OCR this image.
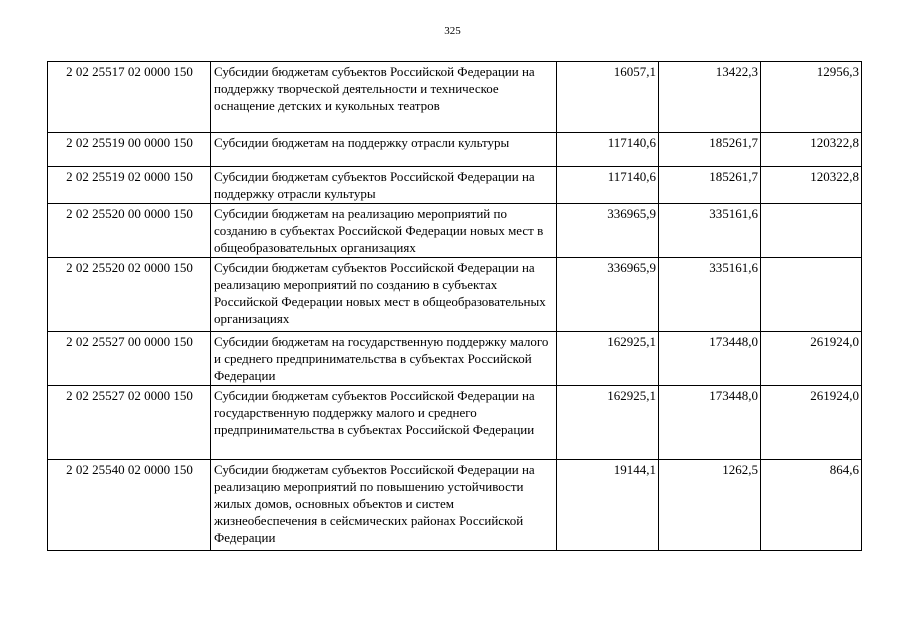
325
2 02 25517 02 0000 150	Субсидии бюджетам субъектов Российской Федерации на поддержку творческой деятельности и техническое оснащение детских и кукольных театров	16057,1	13422,3	12956,3
2 02 25519 00 0000 150	Субсидии бюджетам на поддержку отрасли культуры	117140,6	185261,7	120322,8
2 02 25519 02 0000 150	Субсидии бюджетам субъектов Российской Федерации на поддержку отрасли культуры	117140,6	185261,7	120322,8
2 02 25520 00 0000 150	Субсидии бюджетам на реализацию мероприятий по созданию в субъектах Российской Федерации новых мест в общеобразовательных организациях	336965,9	335161,6	
2 02 25520 02 0000 150	Субсидии бюджетам субъектов Российской Федерации на реализацию мероприятий по созданию в субъектах Российской Федерации новых мест в общеобразовательных организациях	336965,9	335161,6	
2 02 25527 00 0000 150	Субсидии бюджетам на государственную поддержку малого и среднего предпринимательства в субъектах Российской Федерации	162925,1	173448,0	261924,0
2 02 25527 02 0000 150	Субсидии бюджетам субъектов Российской Федерации на государственную поддержку малого и среднего предпринимательства в субъектах Российской Федерации	162925,1	173448,0	261924,0
2 02 25540 02 0000 150	Субсидии бюджетам субъектов Российской Федерации на реализацию мероприятий по повышению устойчивости жилых домов, основных объектов и систем жизнеобеспечения в сейсмических районах Российской Федерации	19144,1	1262,5	864,6
